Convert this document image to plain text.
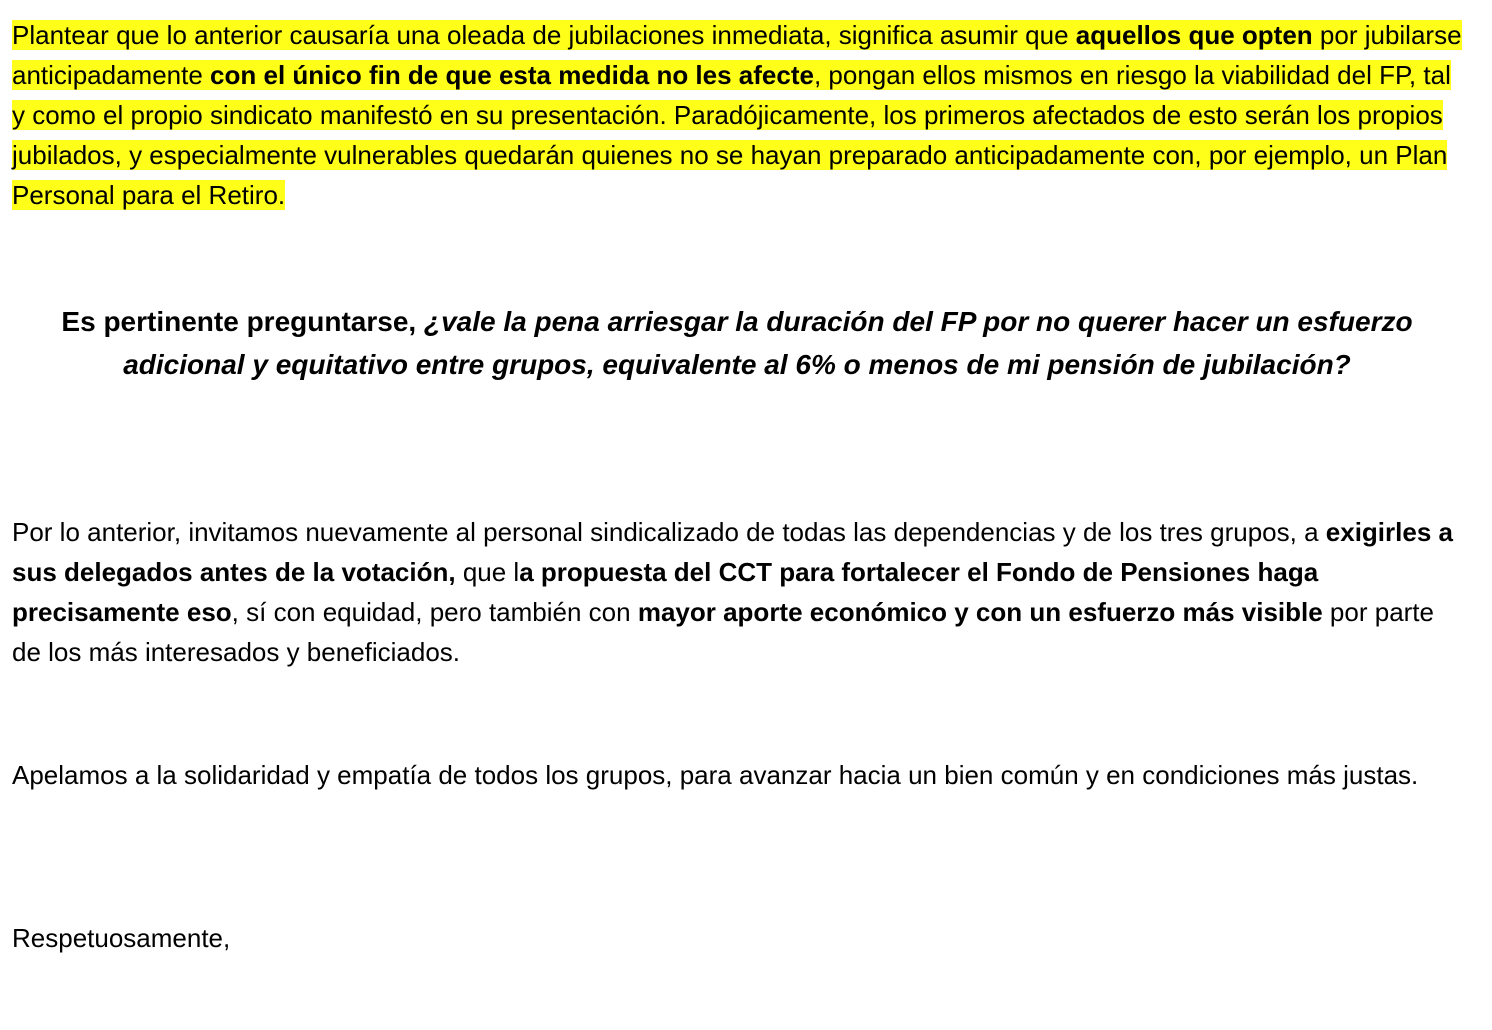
Plantear que lo anterior causaría una oleada de jubilaciones inmediata, significa asumir que aquellos que opten por jubilarse anticipadamente con el único fin de que esta medida no les afecte, pongan ellos mismos en riesgo la viabilidad del FP, tal y como el propio sindicato manifestó en su presentación. Paradójicamente, los primeros afectados de esto serán los propios jubilados, y especialmente vulnerables quedarán quienes no se hayan preparado anticipadamente con, por ejemplo, un Plan Personal para el Retiro.

Es pertinente preguntarse, ¿vale la pena arriesgar la duración del FP por no querer hacer un esfuerzo adicional y equitativo entre grupos, equivalente al 6% o menos de mi pensión de jubilación?

Por lo anterior, invitamos nuevamente al personal sindicalizado de todas las dependencias y de los tres grupos, a exigirles a sus delegados antes de la votación, que la propuesta del CCT para fortalecer el Fondo de Pensiones haga precisamente eso, sí con equidad, pero también con mayor aporte económico y con un esfuerzo más visible por parte de los más interesados y beneficiados.

Apelamos a la solidaridad y empatía de todos los grupos, para avanzar hacia un bien común y en condiciones más justas.

Respetuosamente,
